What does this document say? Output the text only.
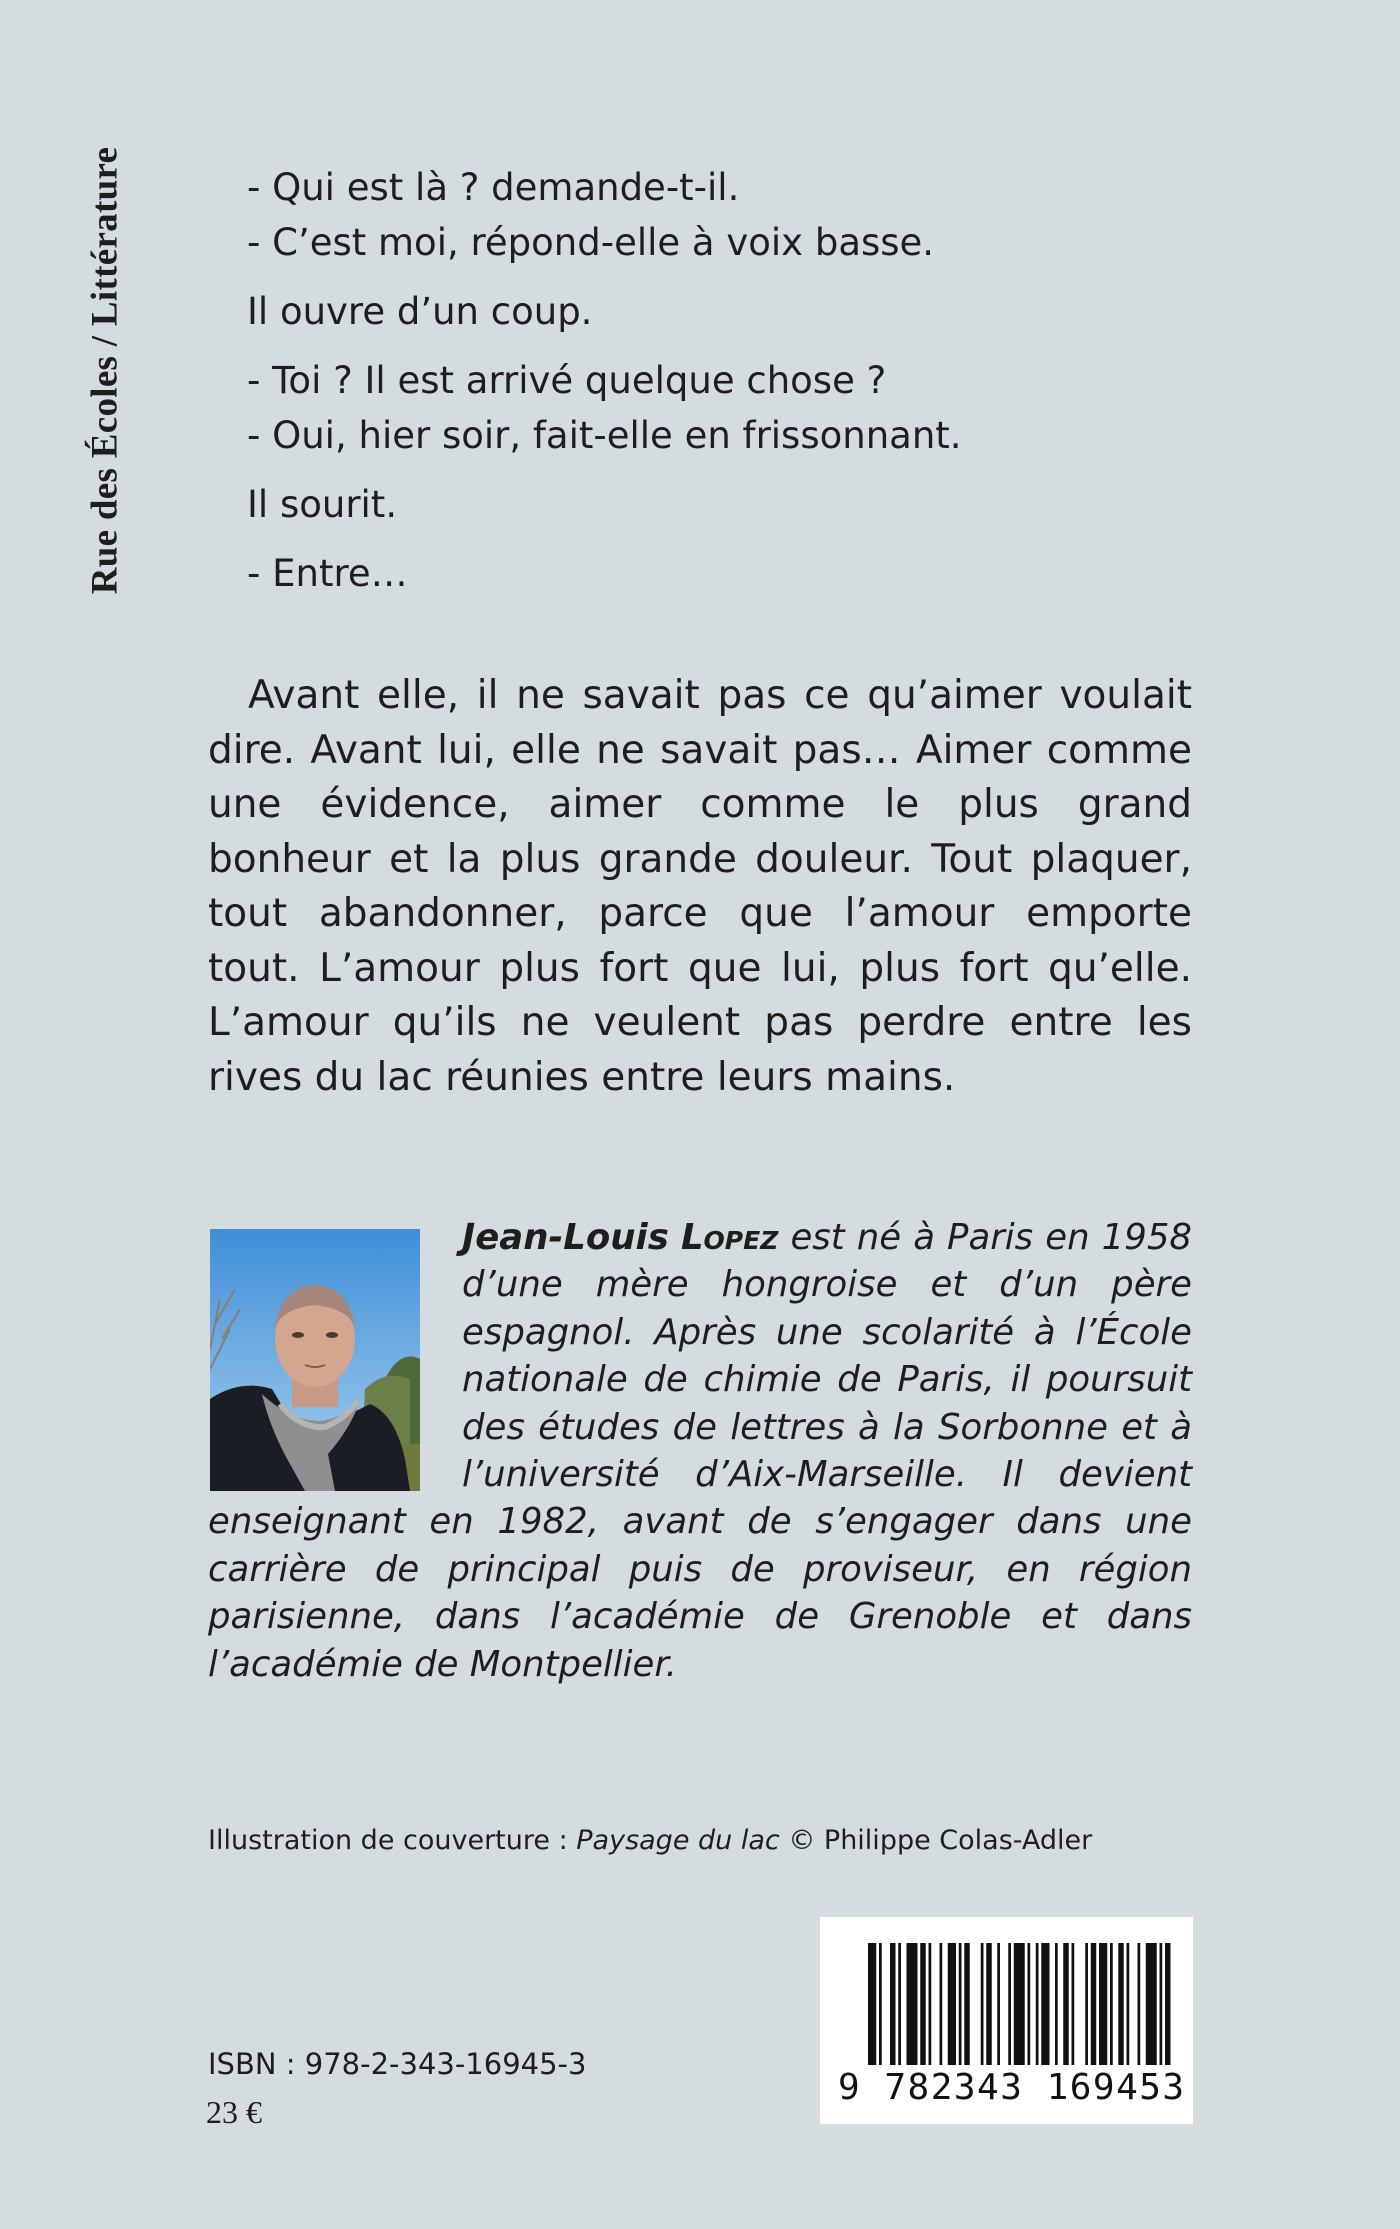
Rue des Écoles / Littérature	- Qui est là ? demande-t-il.

- C’est moi, répond-elle à voix basse.

Il ouvre d’un coup.

- Toi ? Il est arrivé quelque chose ?

- Oui, hier soir, fait-elle en frissonnant.

Il sourit.

- Entre…

Avant elle, il ne savait pas ce qu’aimer voulait dire. Avant lui, elle ne savait pas… Aimer comme une évidence, aimer comme le plus grand bonheur et la plus grande douleur. Tout plaquer, tout abandonner, parce que l’amour emporte tout. L’amour plus fort que lui, plus fort qu’elle. L’amour qu’ils ne veulent pas perdre entre les rives du lac réunies entre leurs mains.

Jean-Louis Lopez est né à Paris en 1958 d’une mère hongroise et d’un père espagnol. Après une scolarité à l’École nationale de chimie de Paris, il poursuit des études de lettres à la Sorbonne et à l’université d’Aix-Marseille. Il devient enseignant en 1982, avant de s’engager dans une carrière de principal puis de proviseur, en région parisienne, dans l’académie de Grenoble et dans l’académie de Montpellier.

Illustration de couverture : Paysage du lac © Philippe Colas-Adler
ISBN : 978-2-343-16945-3
23 €
9 782343 169453
